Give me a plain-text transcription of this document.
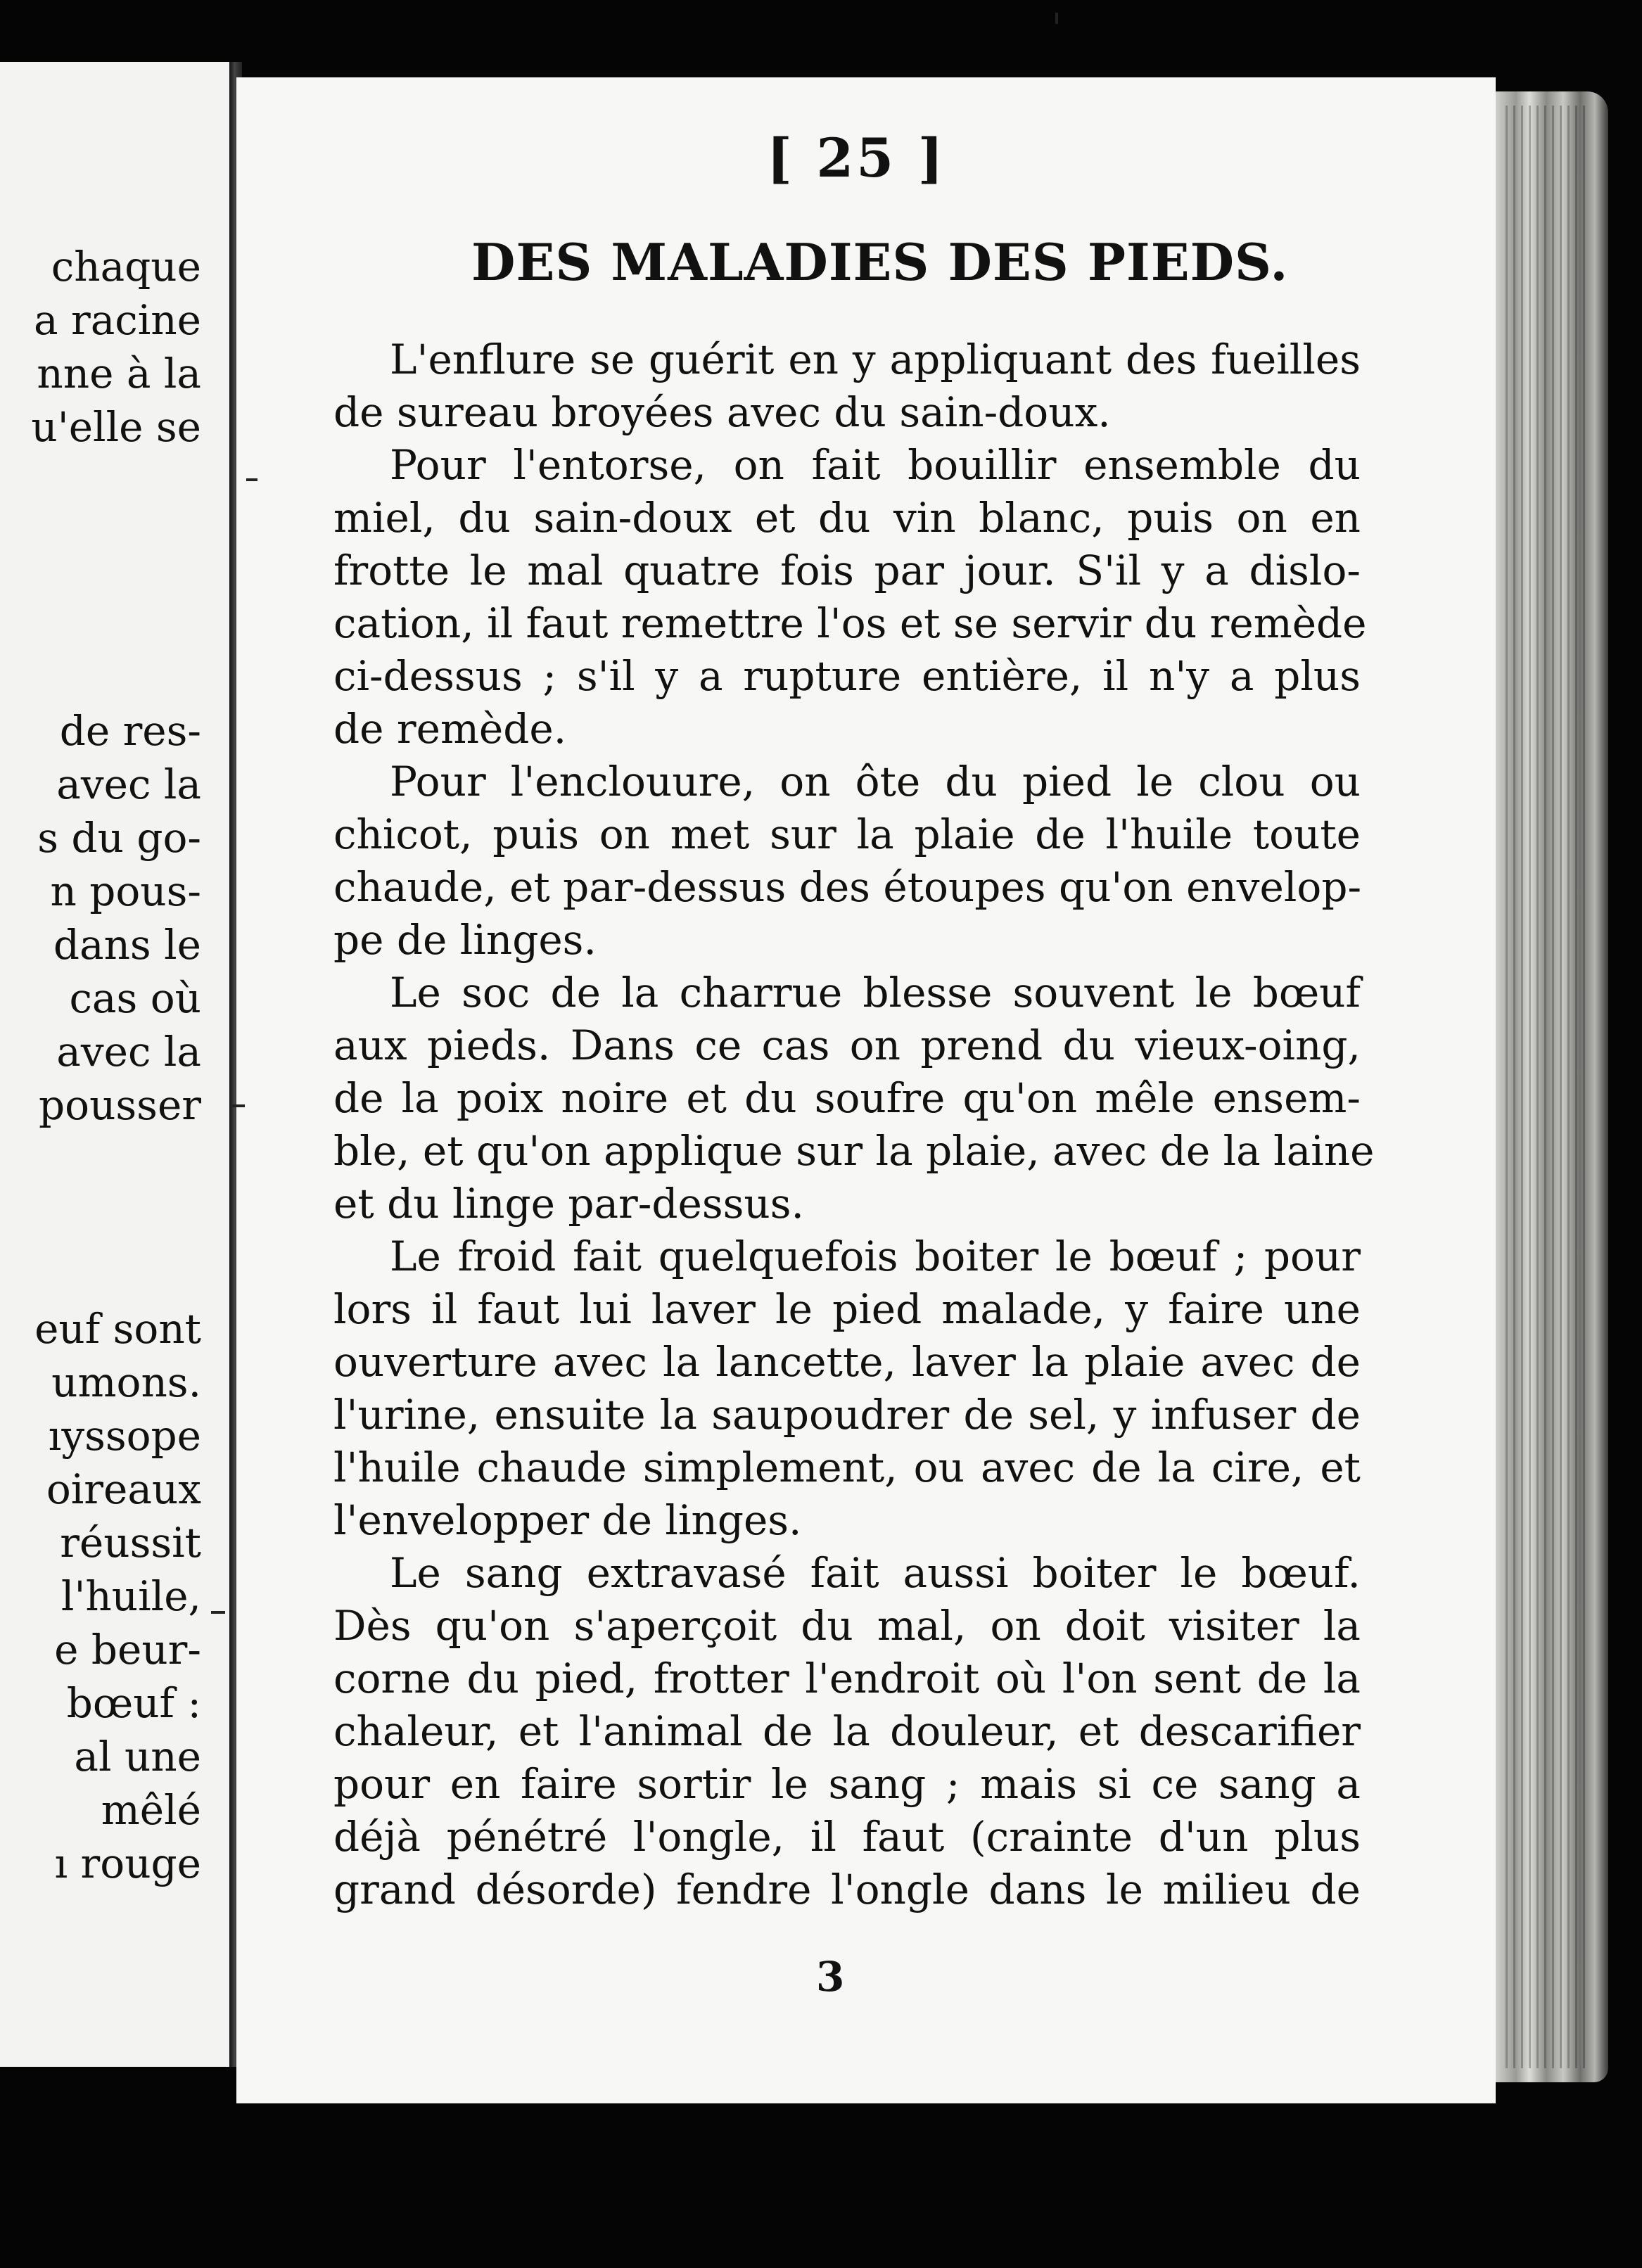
chaque

a racine

nne à la

u'elle se

de res-

avec la

s du go-

n pous-

dans le

cas où

avec la

pousser

euf sont

umons.

ıyssope

oireaux

réussit

l'huile,

e beur-

bœuf :

al une

mêlé

ı rouge

[ 25 ]

DES MALADIES DES PIEDS.

L'enflure se guérit en y appliquant des fueilles

de sureau broyées avec du sain-doux.

Pour l'entorse, on fait bouillir ensemble du

miel, du sain-doux et du vin blanc, puis on en

frotte le mal quatre fois par jour. S'il y a dislo-

cation, il faut remettre l'os et se servir du remède

ci-dessus ; s'il y a rupture entière, il n'y a plus

de remède.

Pour l'enclouure, on ôte du pied le clou ou

chicot, puis on met sur la plaie de l'huile toute

chaude, et par-dessus des étoupes qu'on envelop-

pe de linges.

Le soc de la charrue blesse souvent le bœuf

aux pieds. Dans ce cas on prend du vieux-oing,

de la poix noire et du soufre qu'on mêle ensem-

ble, et qu'on applique sur la plaie, avec de la laine

et du linge par-dessus.

Le froid fait quelquefois boiter le bœuf ; pour

lors il faut lui laver le pied malade, y faire une

ouverture avec la lancette, laver la plaie avec de

l'urine, ensuite la saupoudrer de sel, y infuser de

l'huile chaude simplement, ou avec de la cire, et

l'envelopper de linges.

Le sang extravasé fait aussi boiter le bœuf.

Dès qu'on s'aperçoit du mal, on doit visiter la

corne du pied, frotter l'endroit où l'on sent de la

chaleur, et l'animal de la douleur, et descarifier

pour en faire sortir le sang ; mais si ce sang a

déjà pénétré l'ongle, il faut (crainte d'un plus

grand désorde) fendre l'ongle dans le milieu de

3
